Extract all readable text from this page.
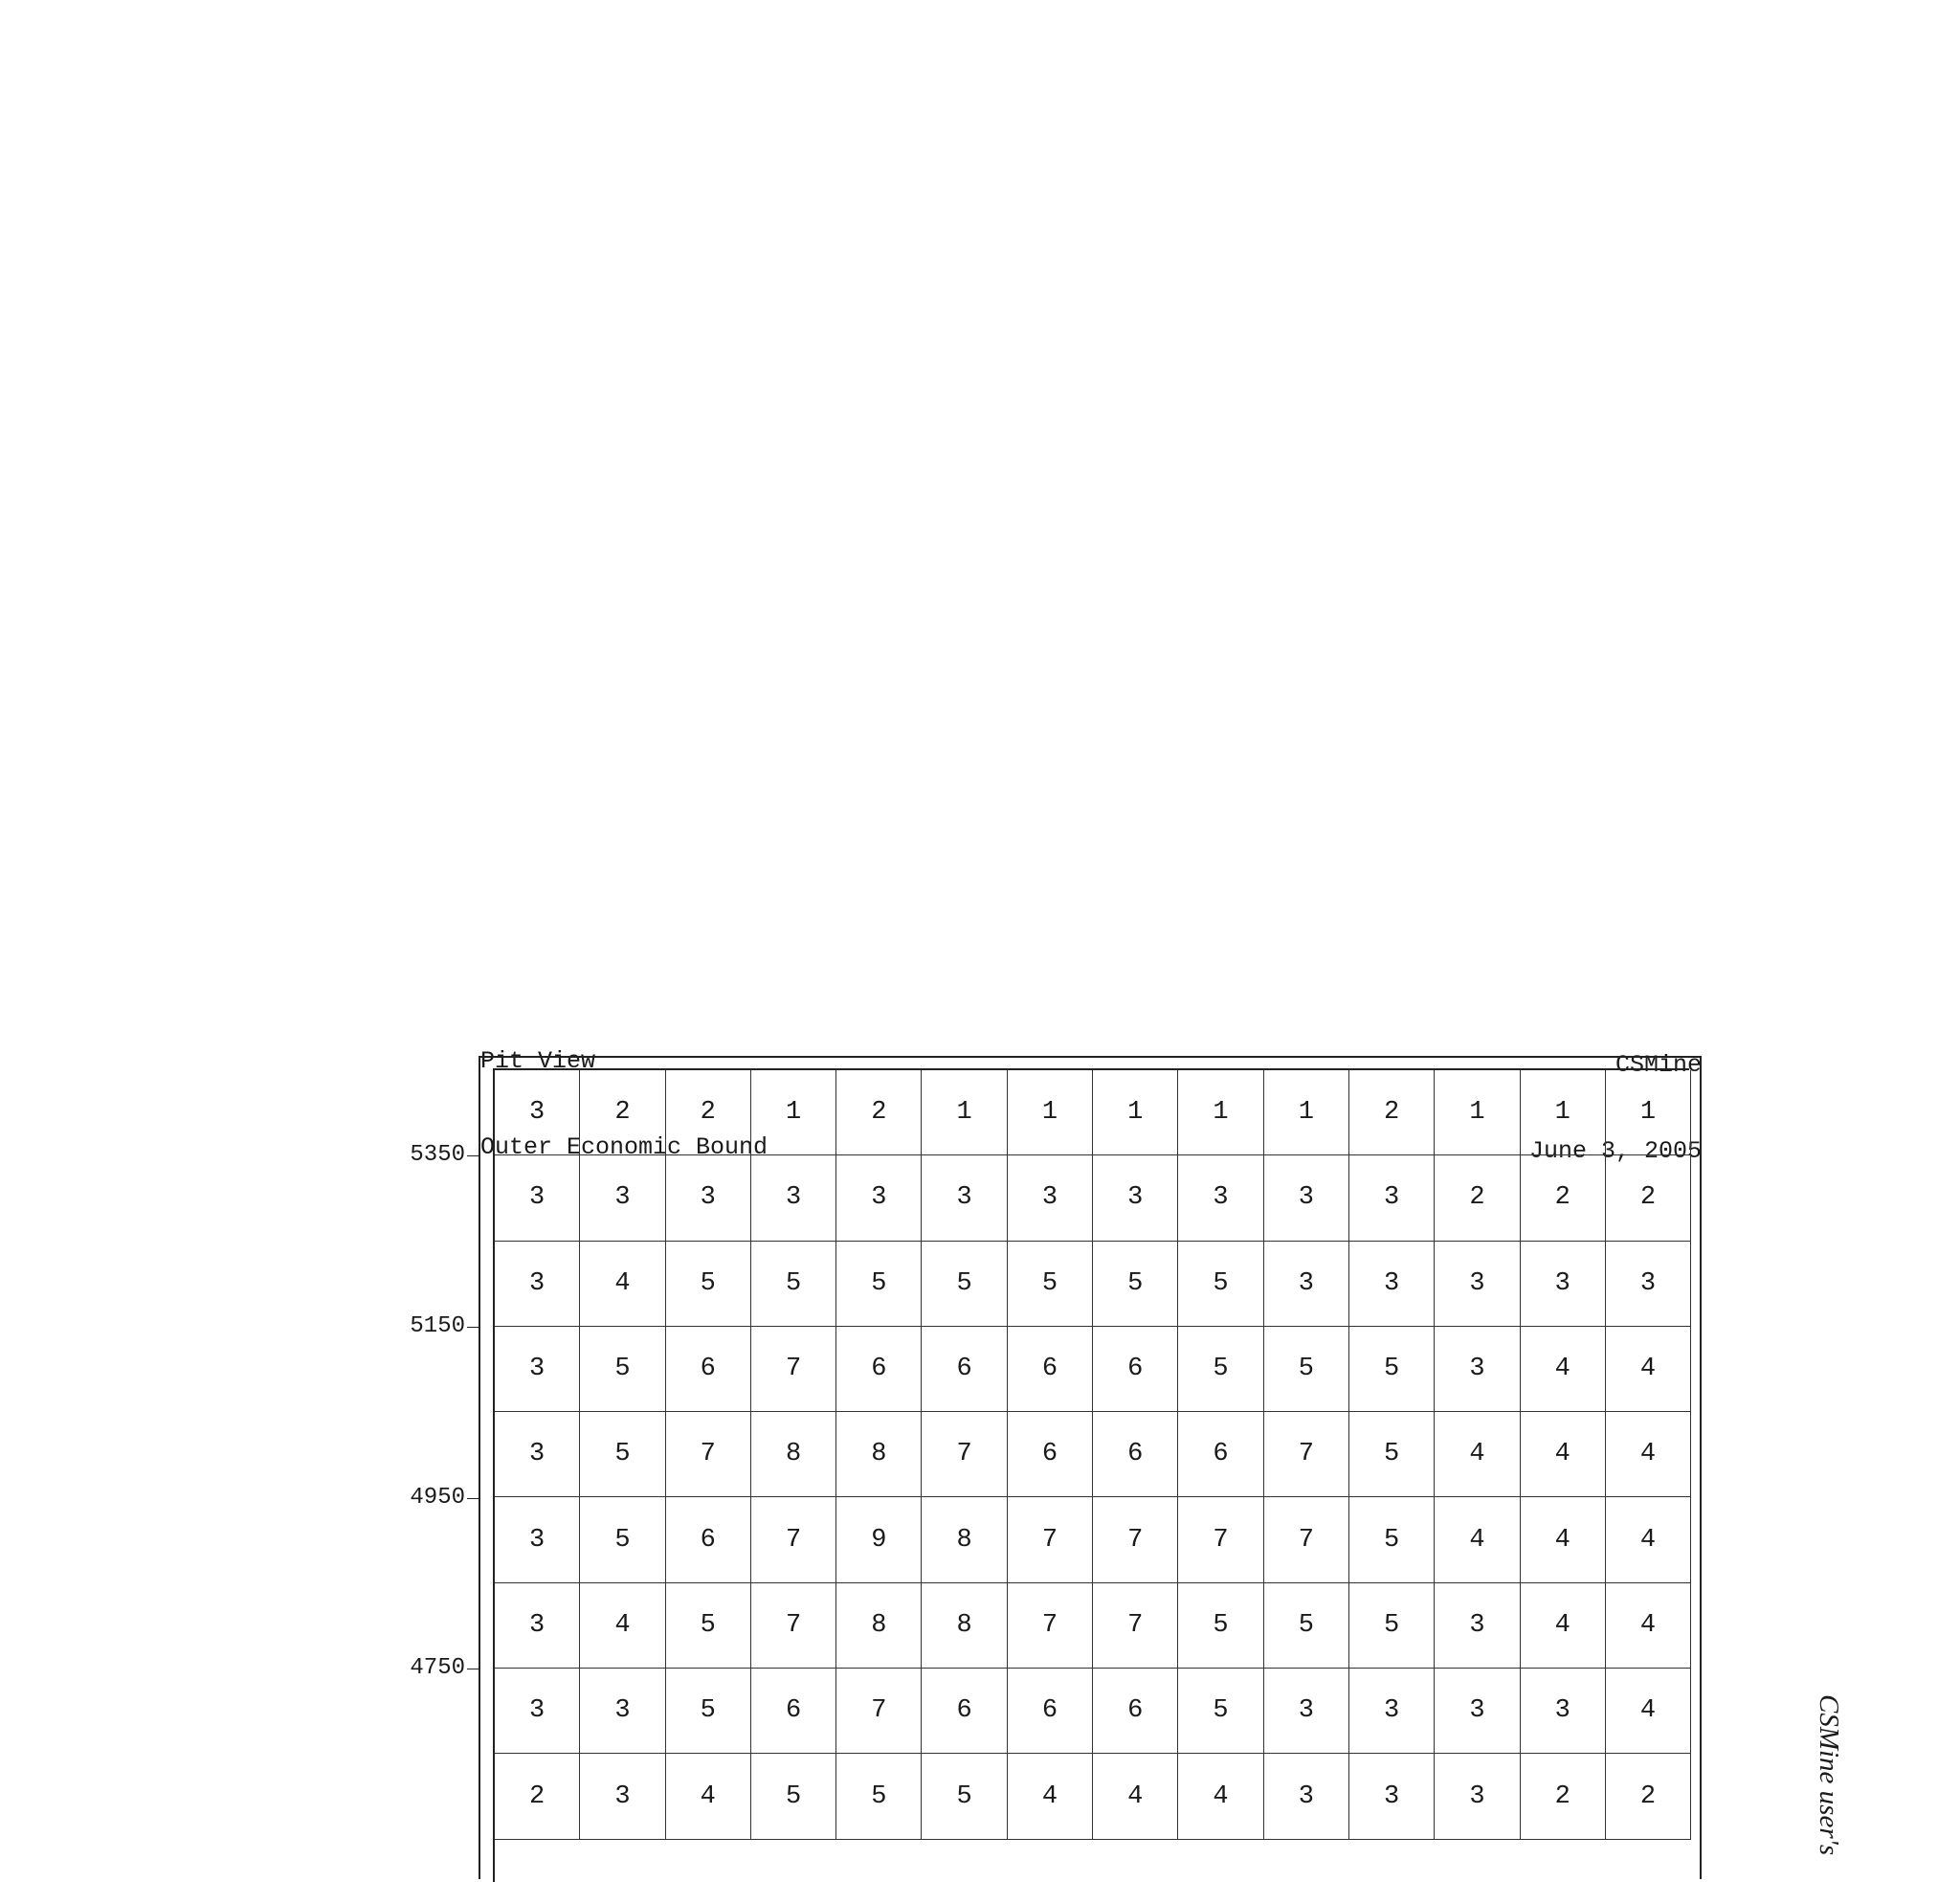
Pit View

Outer Economic Bound

CSMine

June 3, 2005

3	2	2	1	2	1	1	1	1	1	2	1	1	1
3	3	3	3	3	3	3	3	3	3	3	2	2	2
3	4	5	5	5	5	5	5	5	3	3	3	3	3
3	5	6	7	6	6	6	6	5	5	5	3	4	4
3	5	7	8	8	7	6	6	6	7	5	4	4	4
3	5	6	7	9	8	7	7	7	7	5	4	4	4
3	4	5	7	8	8	7	7	5	5	5	3	4	4
3	3	5	6	7	6	6	6	5	3	3	3	3	4
2	3	4	5	5	5	4	4	4	3	3	3	2	2
5350
5150
4950
4750
CSMine user's
